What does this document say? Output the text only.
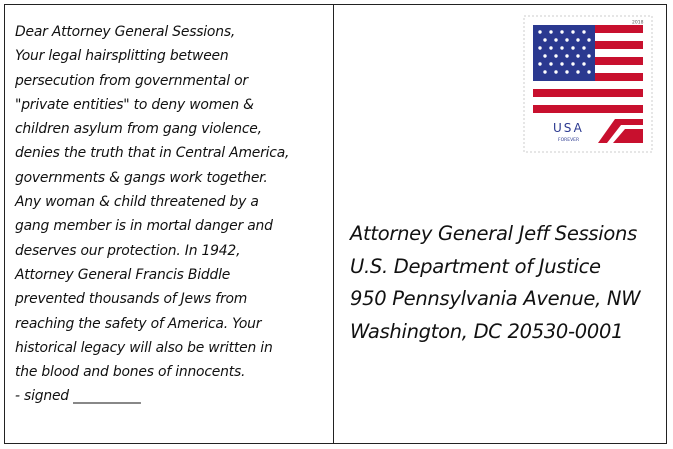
Dear Attorney General Sessions,
Your legal hairsplitting between
persecution from governmental or
"private entities" to deny women &
children asylum from gang violence,
denies the truth that in Central America,
governments & gangs work together.
Any woman & child threatened by a
gang member is in mortal danger and
deserves our protection. In 1942,
Attorney General Francis Biddle
prevented thousands of Jews from
reaching the safety of America. Your
historical legacy will also be written in
the blood and bones of innocents.
- signed __________
Attorney General Jeff Sessions
U.S. Department of Justice
950 Pennsylvania Avenue, NW
Washington, DC 20530-0001
USA
FOREVER
2018
